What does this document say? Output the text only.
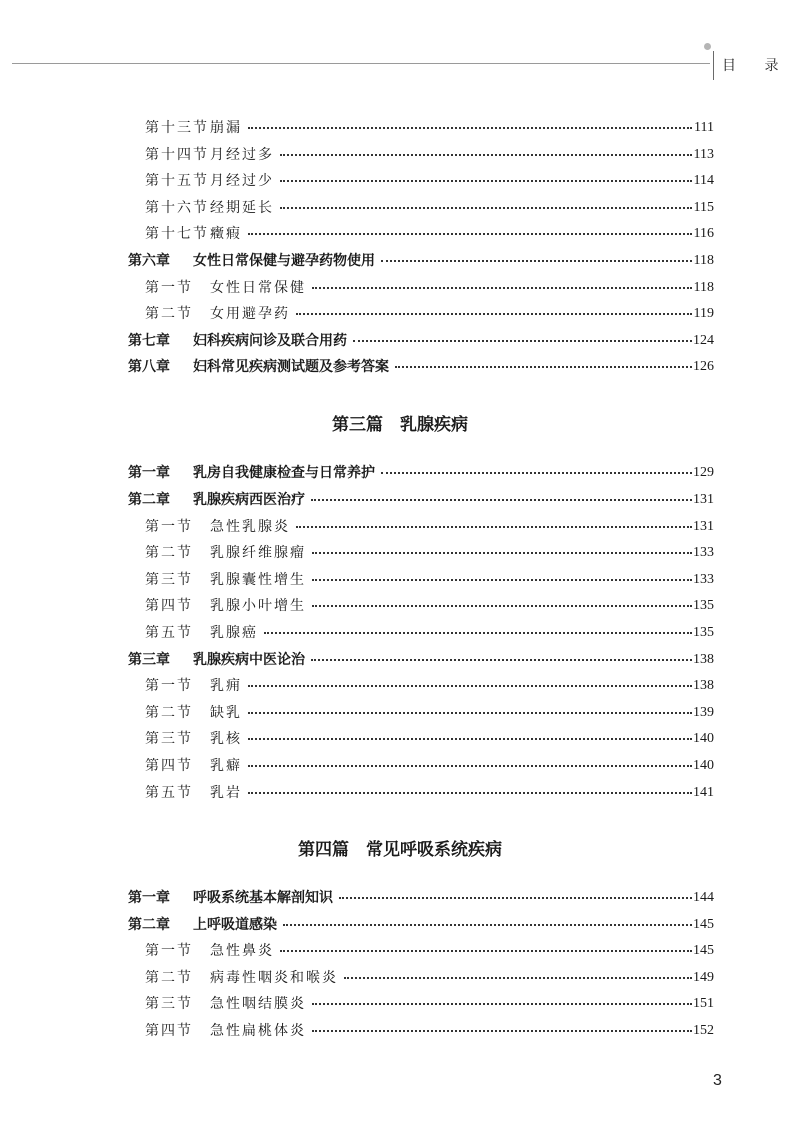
目 录
第十三节 崩漏	111
第十四节 月经过多	113
第十五节 月经过少	114
第十六节 经期延长	115
第十七节 癥瘕	116
第六章 女性日常保健与避孕药物使用	118
第一节 女性日常保健	118
第二节 女用避孕药	119
第七章 妇科疾病问诊及联合用药	124
第八章 妇科常见疾病测试题及参考答案	126
第三篇　乳腺疾病
第一章 乳房自我健康检查与日常养护	129
第二章 乳腺疾病西医治疗	131
第一节 急性乳腺炎	131
第二节 乳腺纤维腺瘤	133
第三节 乳腺囊性增生	133
第四节 乳腺小叶增生	135
第五节 乳腺癌	135
第三章 乳腺疾病中医论治	138
第一节 乳痈	138
第二节 缺乳	139
第三节 乳核	140
第四节 乳癖	140
第五节 乳岩	141
第四篇　常见呼吸系统疾病
第一章 呼吸系统基本解剖知识	144
第二章 上呼吸道感染	145
第一节 急性鼻炎	145
第二节 病毒性咽炎和喉炎	149
第三节 急性咽结膜炎	151
第四节 急性扁桃体炎	152
3
